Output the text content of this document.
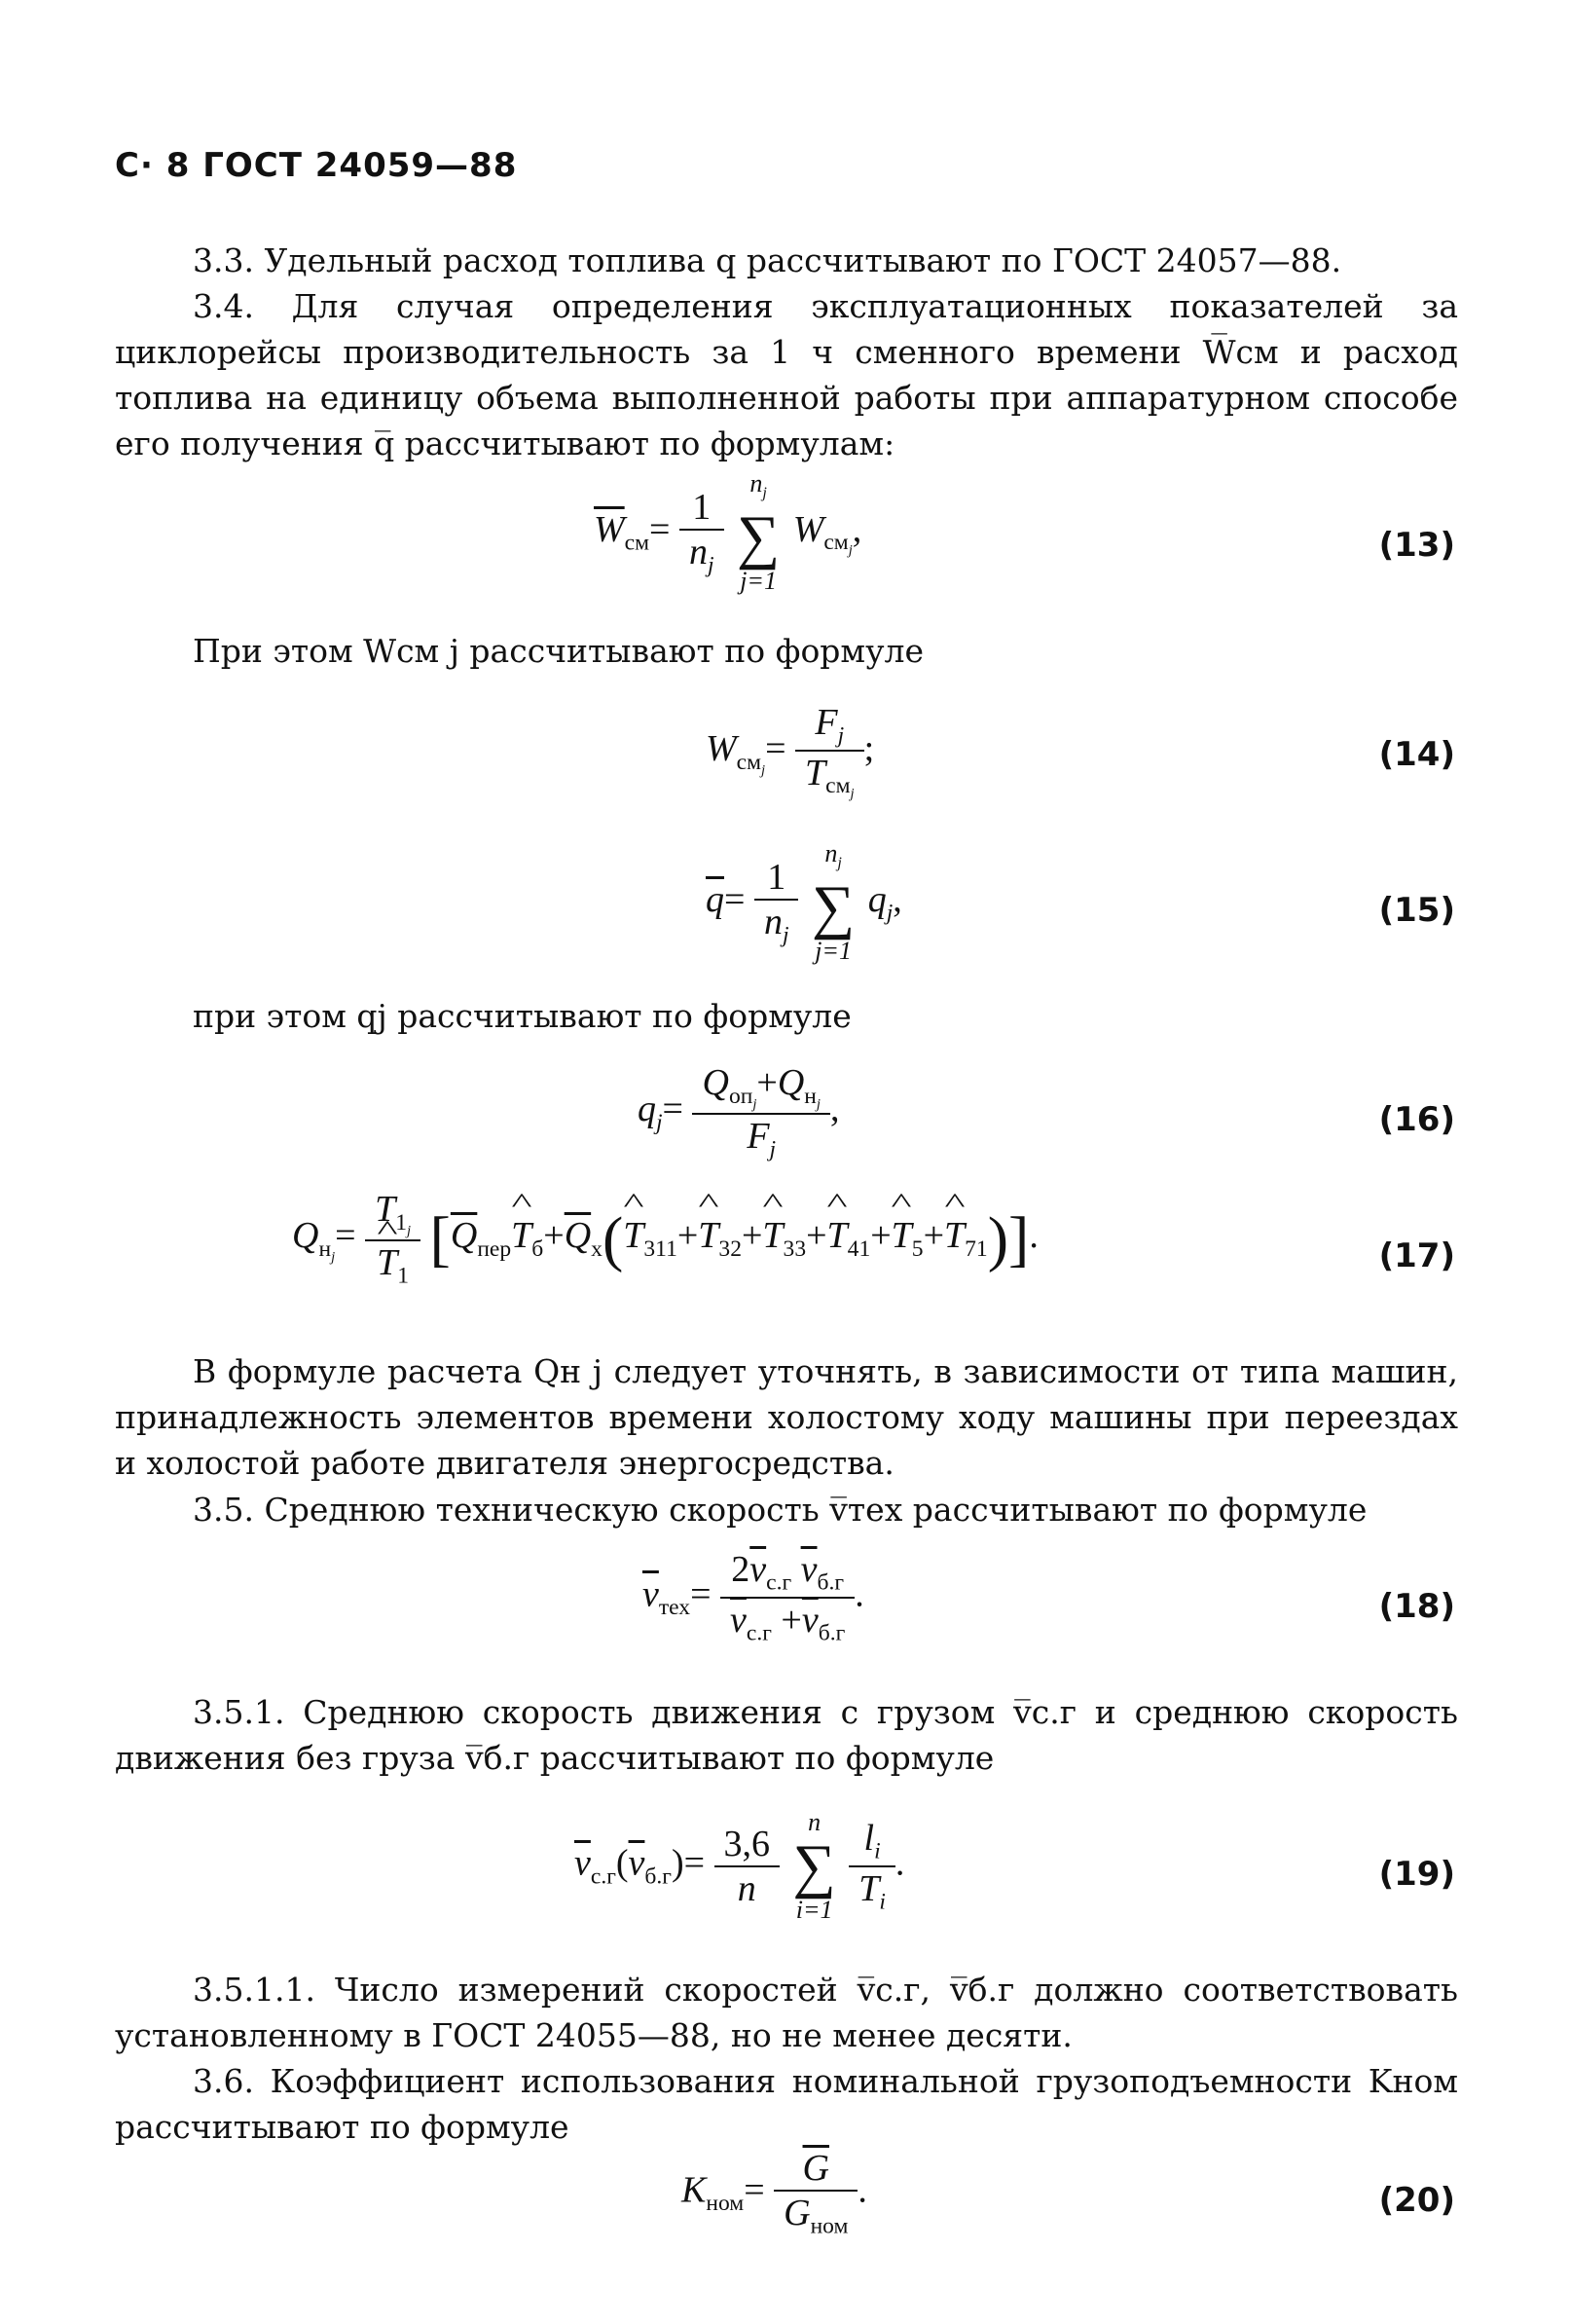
С· 8 ГОСТ 24059—88
3.3. Удельный расход топлива q рассчитывают по ГОСТ 24057—88.
3.4. Для случая определения эксплуатационных показателей за циклорейсы производительность за 1 ч сменного времени W̅см и расход топлива на единицу объема выполненной работы при аппаратурном способе его получения q̅ рассчитывают по формулам:
$\overline{W}_{см}= \frac{1}{n_j}$

$n_j$
∑
j=1
$W_{см_j}$,	(13)
При этом Wсм j рассчитывают по формуле
$W_{см_j}= \frac{F_j}{T_{см_j}}$ ;	(14)
$\overline{q}= \frac{1}{n_j}$

$n_j$
∑
j=1
$q_j$,	(15)
при этом qj рассчитывают по формуле
$q_j= \frac{Q_{оп_j}+Q_{н_j}}{F_j}$ ,	(16)
$Q_{н_j}= T_{1_j}$
^ $T_1$ [$\overline{Q}_{пер}\^{}$ $T_б+\overline{Q}_х(\^{}$ $T_{311}+\^{}$ $T_{32}+\^{}$ $T_{33}+\^{}$ $T_{41}+\^{}$ $T_5+\^{}$ $T_{71}$)].	(17)
В формуле расчета Qн j следует уточнять, в зависимости от типа машин, принадлежность элементов времени холостому ходу машины при переездах и холостой работе двигателя энергосредства.
3.5. Среднюю техническую скорость v̅тех рассчитывают по формуле
$\overline{v}_{тех}= \frac{2\overline{v}_{с.г} \overline{v}_{б.г}}{\overline{v}_{с.г} +\overline{v}_{б.г}}$ .	(18)
3.5.1. Среднюю скорость движения с грузом v̅с.г и среднюю скорость движения без груза v̅б.г рассчитывают по формуле
$\overline{v}_{с.г}(\overline{v}_{б.г})= \frac{3,6}{n}$

n
∑
i=1
$\frac{l_i}{T_i}$ .	(19)
3.5.1.1. Число измерений скоростей v̅с.г, v̅б.г должно соответствовать установленному в ГОСТ 24055—88, но не менее десяти.
3.6. Коэффициент использования номинальной грузоподъемности Kном рассчитывают по формуле
$K_{ном}= \frac{\overline{G}}{G_{ном}}$ .	(20)
